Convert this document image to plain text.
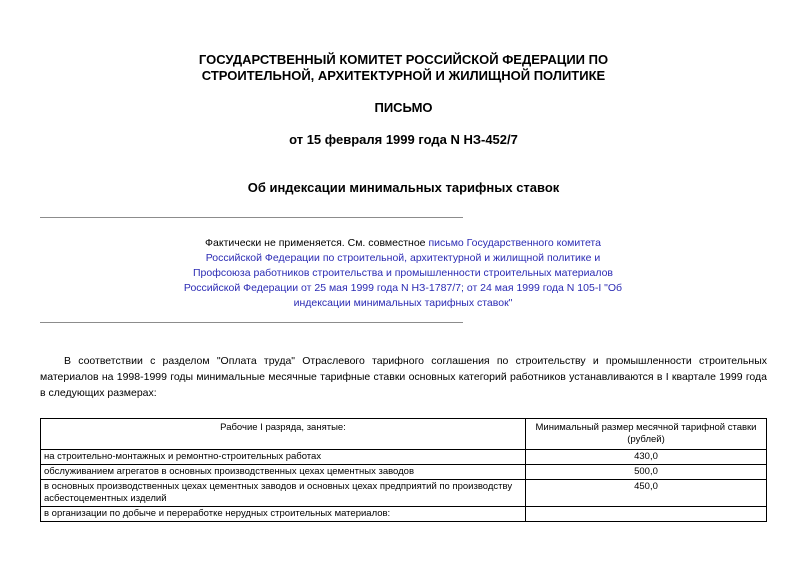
ГОСУДАРСТВЕННЫЙ КОМИТЕТ РОССИЙСКОЙ ФЕДЕРАЦИИ ПО
СТРОИТЕЛЬНОЙ, АРХИТЕКТУРНОЙ И ЖИЛИЩНОЙ ПОЛИТИКЕ
ПИСЬМО
от 15 февраля 1999 года N НЗ-452/7
Об индексации минимальных тарифных ставок
Фактически не применяется. См. совместное письмо Государственного комитета Российской Федерации по строительной, архитектурной и жилищной политике и Профсоюза работников строительства и промышленности строительных материалов Российской Федерации от 25 мая 1999 года N НЗ-1787/7; от 24 мая 1999 года N 105-I "Об индексации минимальных тарифных ставок"
В соответствии с разделом "Оплата труда" Отраслевого тарифного соглашения по строительству и промышленности строительных материалов на 1998-1999 годы минимальные месячные тарифные ставки основных категорий работников устанавливаются в I квартале 1999 года в следующих размерах:
Рабочие I разряда, занятые:	Минимальный размер месячной тарифной ставки (рублей)
на строительно-монтажных и ремонтно-строительных работах	430,0
обслуживанием агрегатов в основных производственных цехах цементных заводов	500,0
в основных производственных цехах цементных заводов и основных цехах предприятий по производству асбестоцементных изделий	450,0
в организации по добыче и переработке нерудных строительных материалов:	
